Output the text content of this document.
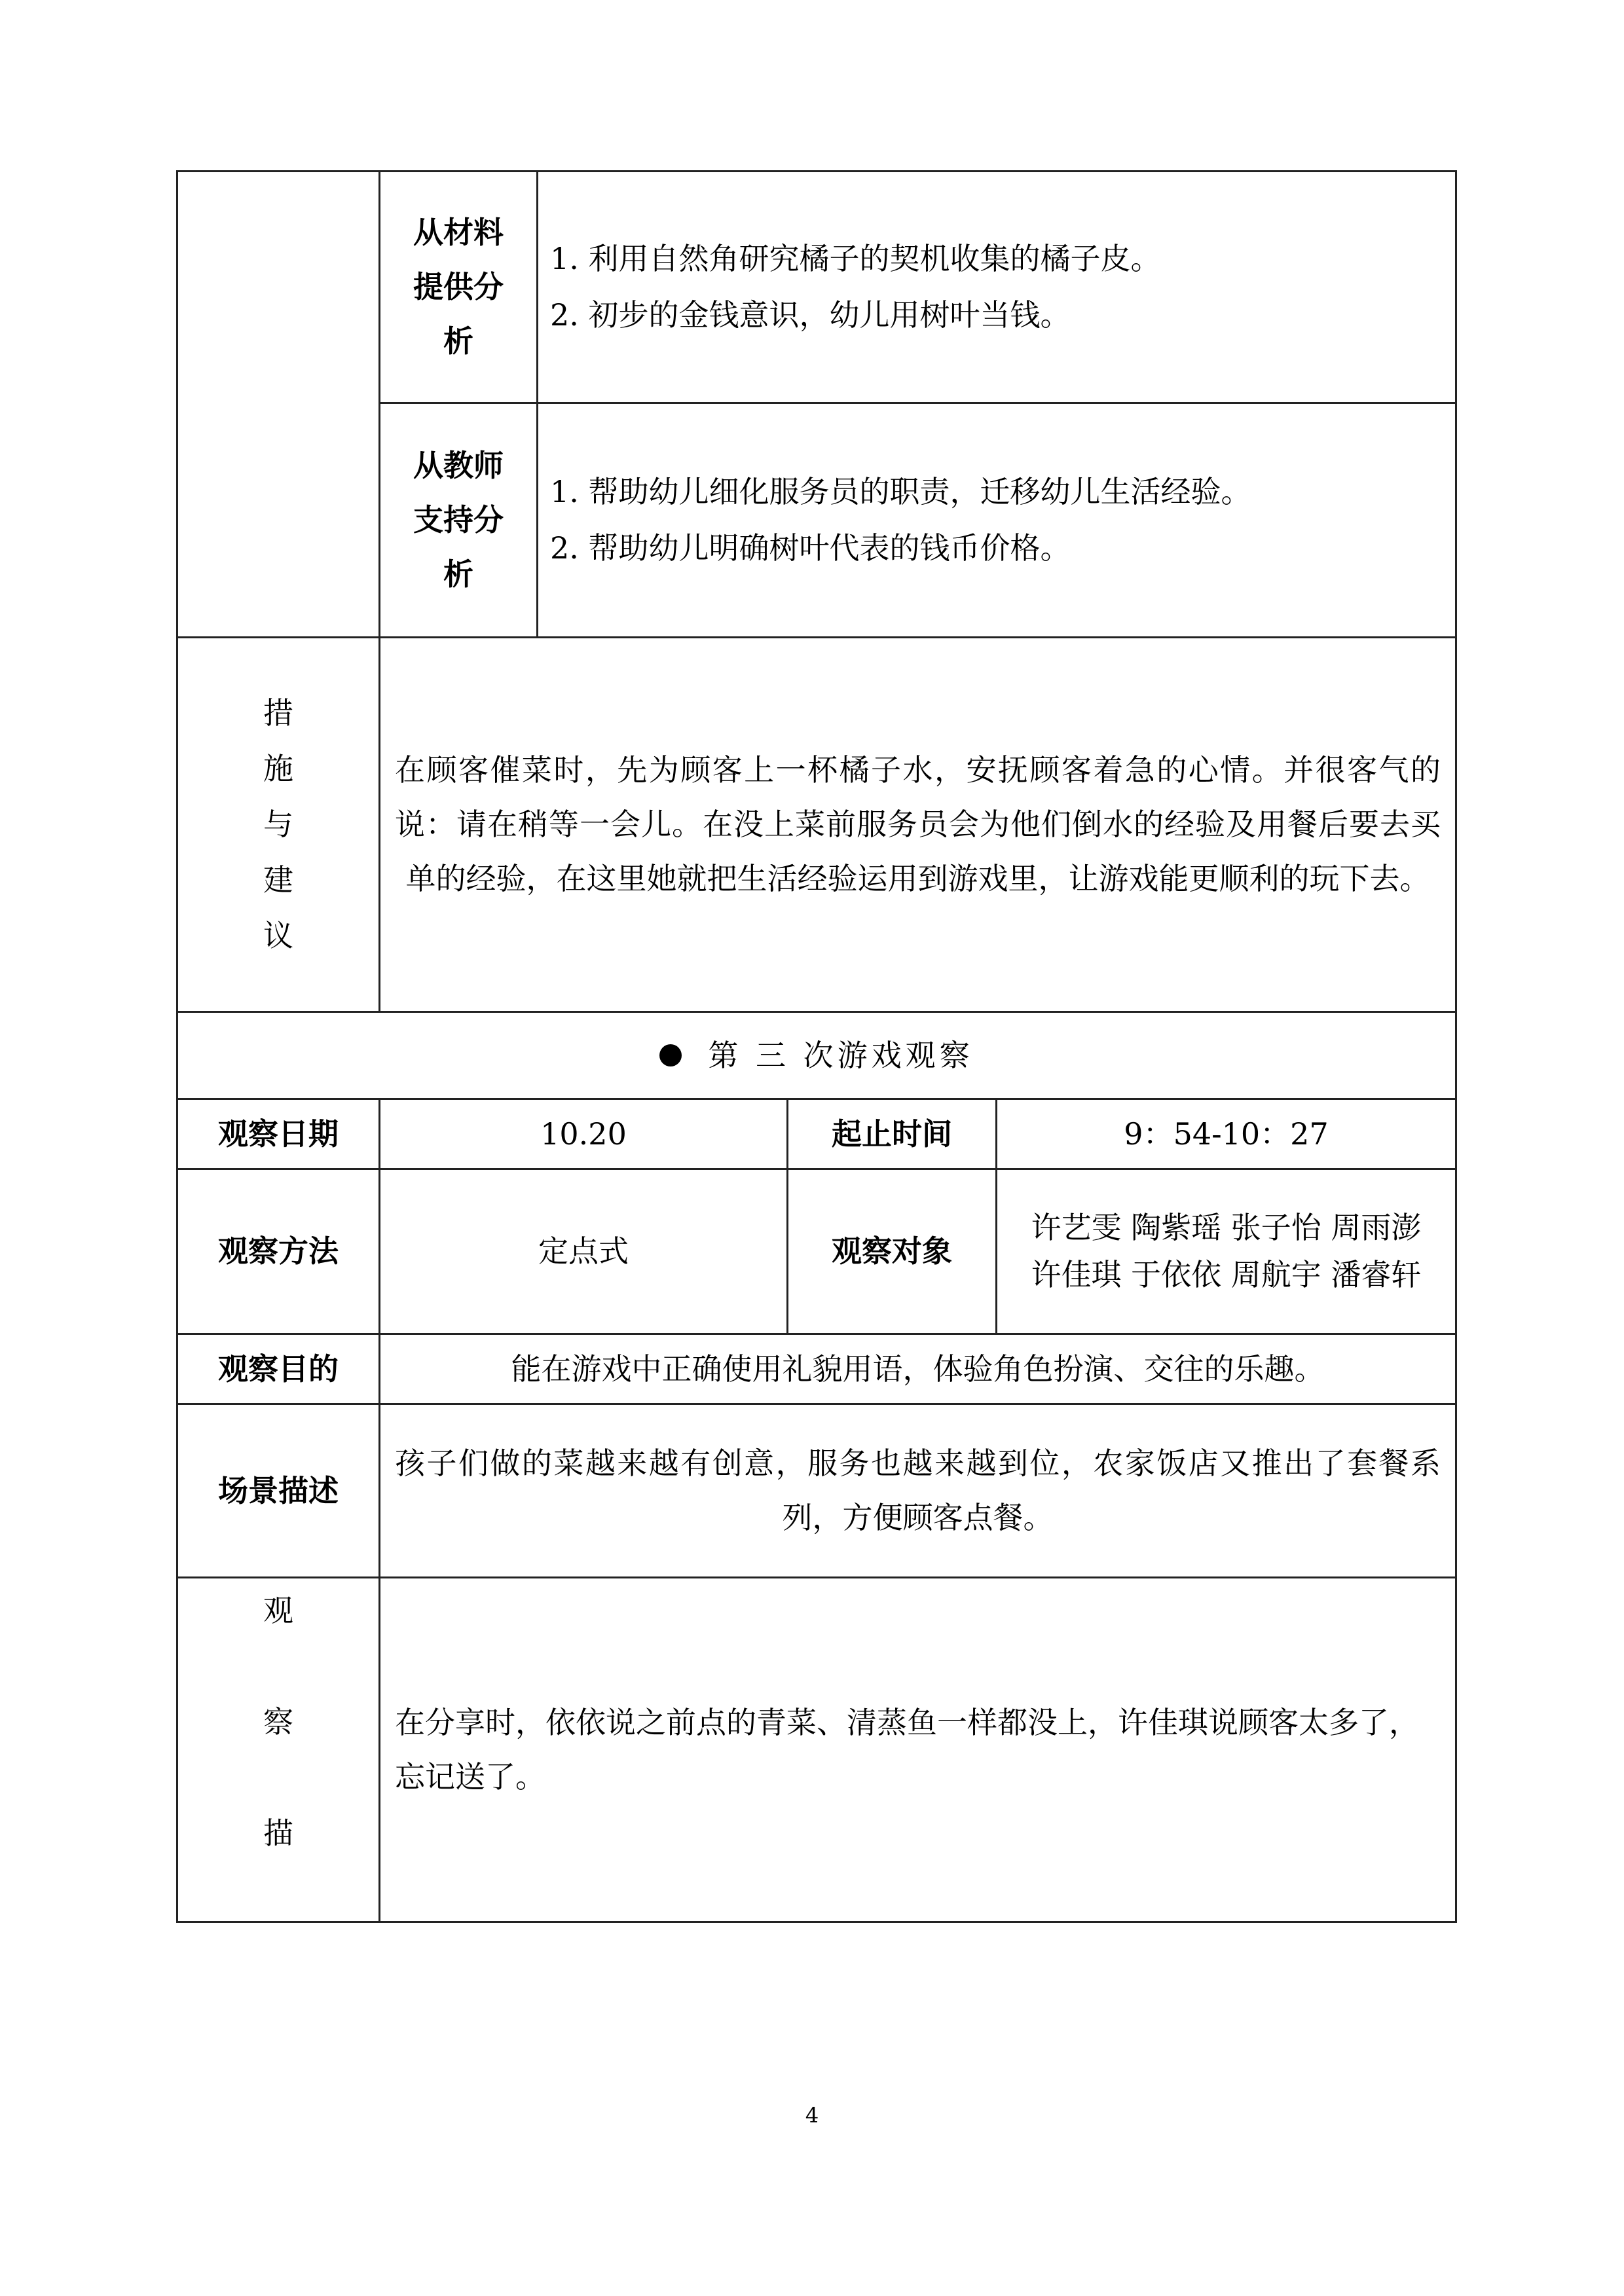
	从材料提供分析	1. 利用自然角研究橘子的契机收集的橘子皮。
2. 初步的金钱意识，幼儿用树叶当钱。		

	从教师支持分析	1. 帮助幼儿细化服务员的职责，迁移幼儿生活经验。
2. 帮助幼儿明确树叶代表的钱币价格。		

措
施
与
建
议	在顾客催菜时，先为顾客上一杯橘子水，安抚顾客着急的心情。并很客气的说：请在稍等一会儿。在没上菜前服务员会为他们倒水的经验及用餐后要去买单的经验，在这里她就把生活经验运用到游戏里，让游戏能更顺利的玩下去。			
第 三 次游戏观察				
观察日期	10.20		起止时间	9：54-10：27
观察方法	定点式		观察对象	许艺雯 陶紫瑶 张子怡 周雨澎 许佳琪 于依依 周航宇 潘睿轩
观察目的	能在游戏中正确使用礼貌用语，体验角色扮演、交往的乐趣。			
场景描述	孩子们做的菜越来越有创意，服务也越来越到位，农家饭店又推出了套餐系列，方便顾客点餐。			

观
察
描	在分享时，依依说之前点的青菜、清蒸鱼一样都没上，许佳琪说顾客太多了，忘记送了。			
4
